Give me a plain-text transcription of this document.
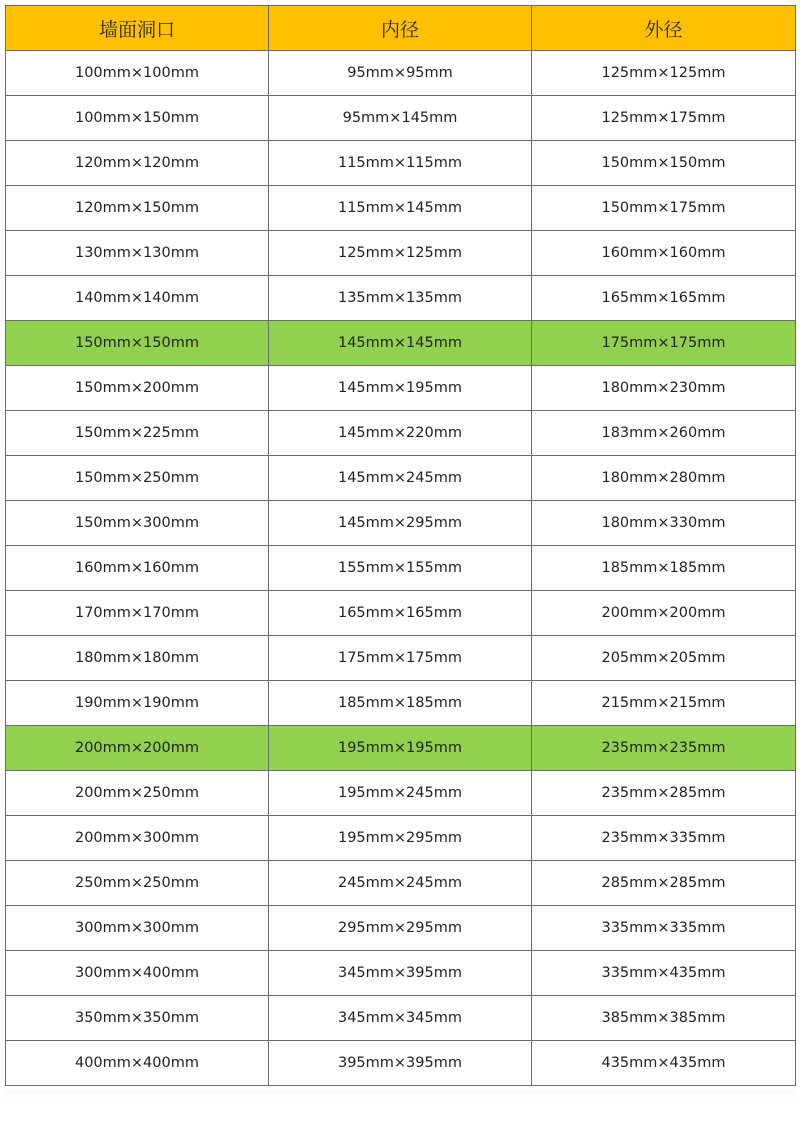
墙面洞口	内径	外径
100mm×100mm	95mm×95mm	125mm×125mm
100mm×150mm	95mm×145mm	125mm×175mm
120mm×120mm	115mm×115mm	150mm×150mm
120mm×150mm	115mm×145mm	150mm×175mm
130mm×130mm	125mm×125mm	160mm×160mm
140mm×140mm	135mm×135mm	165mm×165mm
150mm×150mm	145mm×145mm	175mm×175mm
150mm×200mm	145mm×195mm	180mm×230mm
150mm×225mm	145mm×220mm	183mm×260mm
150mm×250mm	145mm×245mm	180mm×280mm
150mm×300mm	145mm×295mm	180mm×330mm
160mm×160mm	155mm×155mm	185mm×185mm
170mm×170mm	165mm×165mm	200mm×200mm
180mm×180mm	175mm×175mm	205mm×205mm
190mm×190mm	185mm×185mm	215mm×215mm
200mm×200mm	195mm×195mm	235mm×235mm
200mm×250mm	195mm×245mm	235mm×285mm
200mm×300mm	195mm×295mm	235mm×335mm
250mm×250mm	245mm×245mm	285mm×285mm
300mm×300mm	295mm×295mm	335mm×335mm
300mm×400mm	345mm×395mm	335mm×435mm
350mm×350mm	345mm×345mm	385mm×385mm
400mm×400mm	395mm×395mm	435mm×435mm
